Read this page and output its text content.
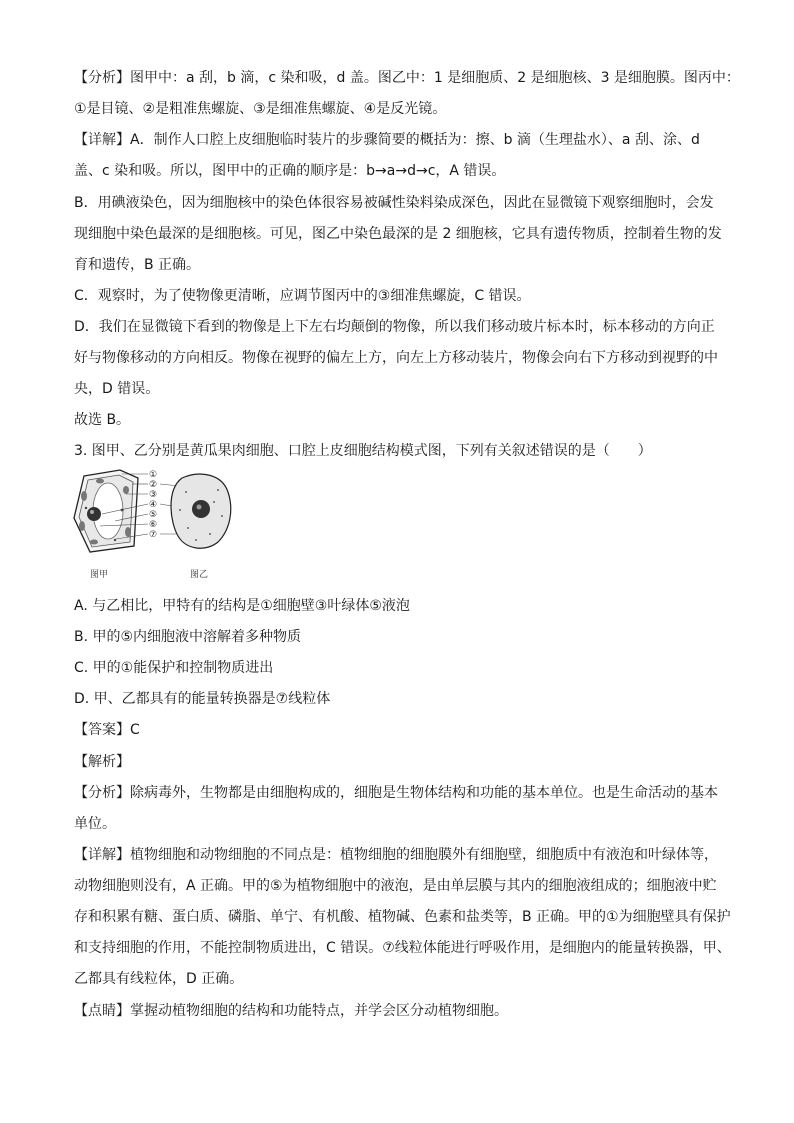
【分析】图甲中：a 刮，b 滴，c 染和吸，d 盖。图乙中：1 是细胞质、2 是细胞核、3 是细胞膜。图丙中：
①是目镜、②是粗准焦螺旋、③是细准焦螺旋、④是反光镜。
【详解】A．制作人口腔上皮细胞临时装片的步骤简要的概括为：擦、b 滴（生理盐水）、a 刮、涂、d
盖、c 染和吸。所以，图甲中的正确的顺序是：b→a→d→c，A 错误。
B．用碘液染色，因为细胞核中的染色体很容易被碱性染料染成深色，因此在显微镜下观察细胞时，会发
现细胞中染色最深的是细胞核。可见，图乙中染色最深的是 2 细胞核，它具有遗传物质，控制着生物的发
育和遗传，B 正确。
C．观察时，为了使物像更清晰，应调节图丙中的③细准焦螺旋，C 错误。
D．我们在显微镜下看到的物像是上下左右均颠倒的物像，所以我们移动玻片标本时，标本移动的方向正
好与物像移动的方向相反。物像在视野的偏左上方，向左上方移动装片，物像会向右下方移动到视野的中
央，D 错误。
故选 B。
3. 图甲、乙分别是黄瓜果肉细胞、口腔上皮细胞结构模式图，下列有关叙述错误的是（　　）
①
②
③
④
⑤
⑥
⑦
图甲	图乙
A. 与乙相比，甲特有的结构是①细胞壁③叶绿体⑤液泡
B. 甲的⑤内细胞液中溶解着多种物质
C. 甲的①能保护和控制物质进出
D. 甲、乙都具有的能量转换器是⑦线粒体
【答案】C
【解析】
【分析】除病毒外，生物都是由细胞构成的，细胞是生物体结构和功能的基本单位。也是生命活动的基本
单位。
【详解】植物细胞和动物细胞的不同点是：植物细胞的细胞膜外有细胞壁，细胞质中有液泡和叶绿体等，
动物细胞则没有，A 正确。甲的⑤为植物细胞中的液泡，是由单层膜与其内的细胞液组成的；细胞液中贮
存和积累有糖、蛋白质、磷脂、单宁、有机酸、植物碱、色素和盐类等，B 正确。甲的①为细胞壁具有保护
和支持细胞的作用，不能控制物质进出，C 错误。⑦线粒体能进行呼吸作用，是细胞内的能量转换器，甲、
乙都具有线粒体，D 正确。
【点睛】掌握动植物细胞的结构和功能特点，并学会区分动植物细胞。
